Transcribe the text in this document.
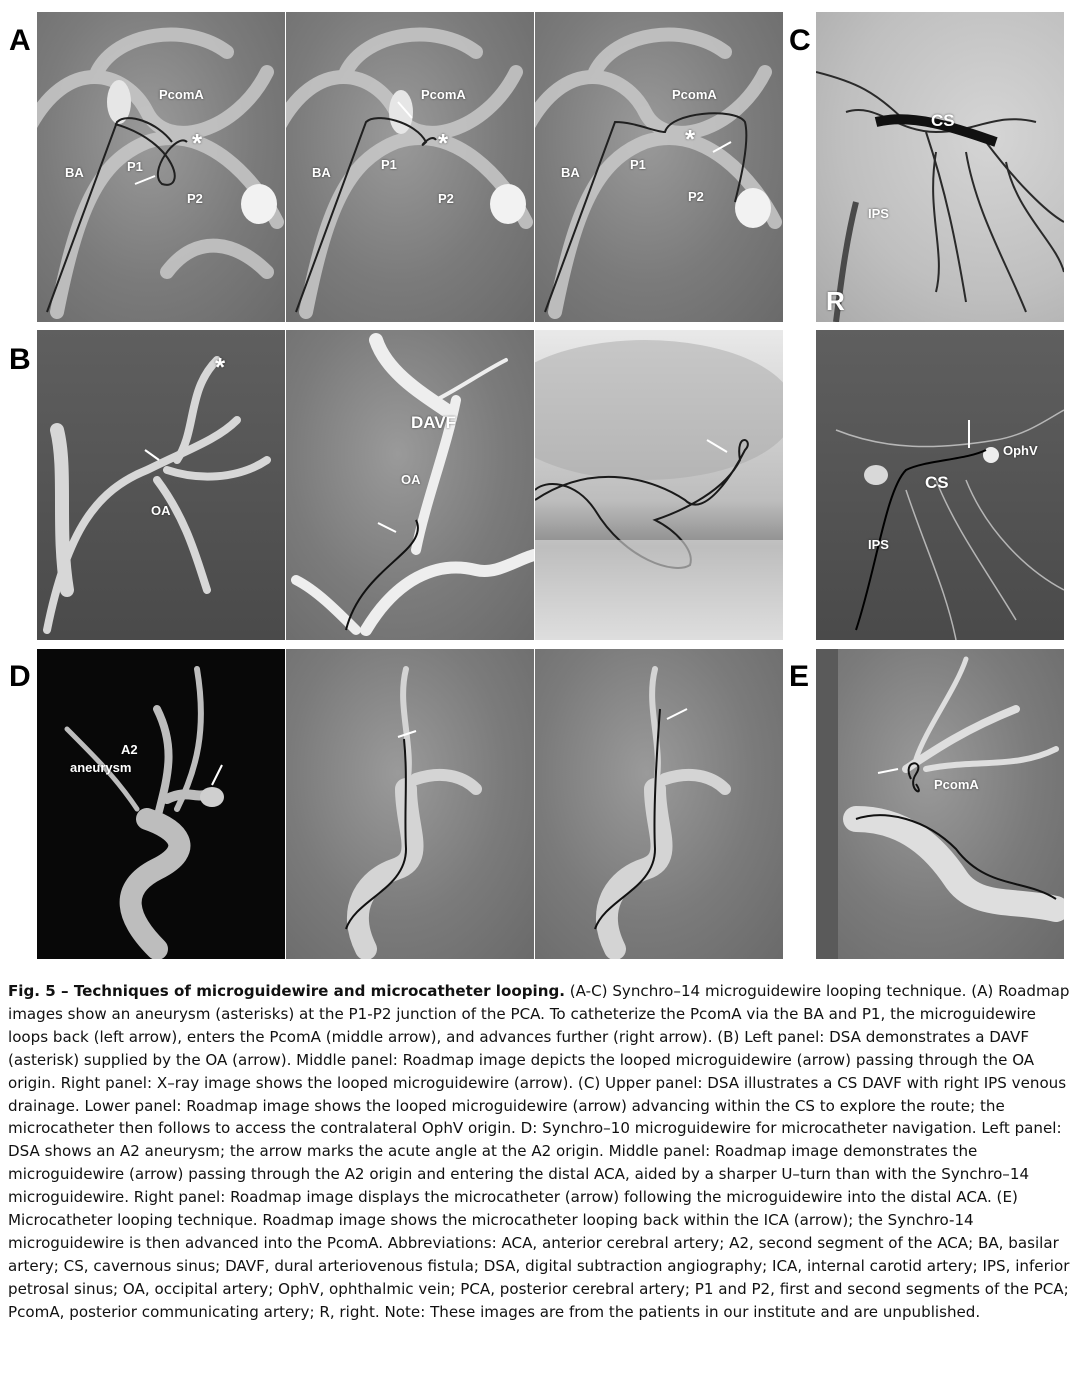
A
B
C
D	E
PcomA
*
BA	P1
P2
PcomA
*
BA
P1
P2
PcomA
*
BA
P1
P2
CS
IPS
R
OphV
CS
IPS
*
OA
DAVF
OA
A2
aneurysm
PcomA

Fig. 5 – Techniques of microguidewire and microcatheter looping. (A-C) Synchro–14 microguidewire looping technique. (A) Roadmap images show an aneurysm (asterisks) at the P1-P2 junction of the PCA. To catheterize the PcomA via the BA and P1, the microguidewire loops back (left arrow), enters the PcomA (middle arrow), and advances further (right arrow). (B) Left panel: DSA demonstrates a DAVF (asterisk) supplied by the OA (arrow). Middle panel: Roadmap image depicts the looped microguidewire (arrow) passing through the OA origin. Right panel: X–ray image shows the looped microguidewire (arrow). (C) Upper panel: DSA illustrates a CS DAVF with right IPS venous drainage. Lower panel: Roadmap image shows the looped microguidewire (arrow) advancing within the CS to explore the route; the microcatheter then follows to access the contralateral OphV origin. D: Synchro–10 microguidewire for microcatheter navigation. Left panel: DSA shows an A2 aneurysm; the arrow marks the acute angle at the A2 origin. Middle panel: Roadmap image demonstrates the microguidewire (arrow) passing through the A2 origin and entering the distal ACA, aided by a sharper U–turn than with the Synchro–14 microguidewire. Right panel: Roadmap image displays the microcatheter (arrow) following the microguidewire into the distal ACA. (E) Microcatheter looping technique. Roadmap image shows the microcatheter looping back within the ICA (arrow); the Synchro-14 microguidewire is then advanced into the PcomA. Abbreviations: ACA, anterior cerebral artery; A2, second segment of the ACA; BA, basilar artery; CS, cavernous sinus; DAVF, dural arteriovenous fistula; DSA, digital subtraction angiography; ICA, internal carotid artery; IPS, inferior petrosal sinus; OA, occipital artery; OphV, ophthalmic vein; PCA, posterior cerebral artery; P1 and P2, first and second segments of the PCA; PcomA, posterior communicating artery; R, right. Note: These images are from the patients in our institute and are unpublished.
